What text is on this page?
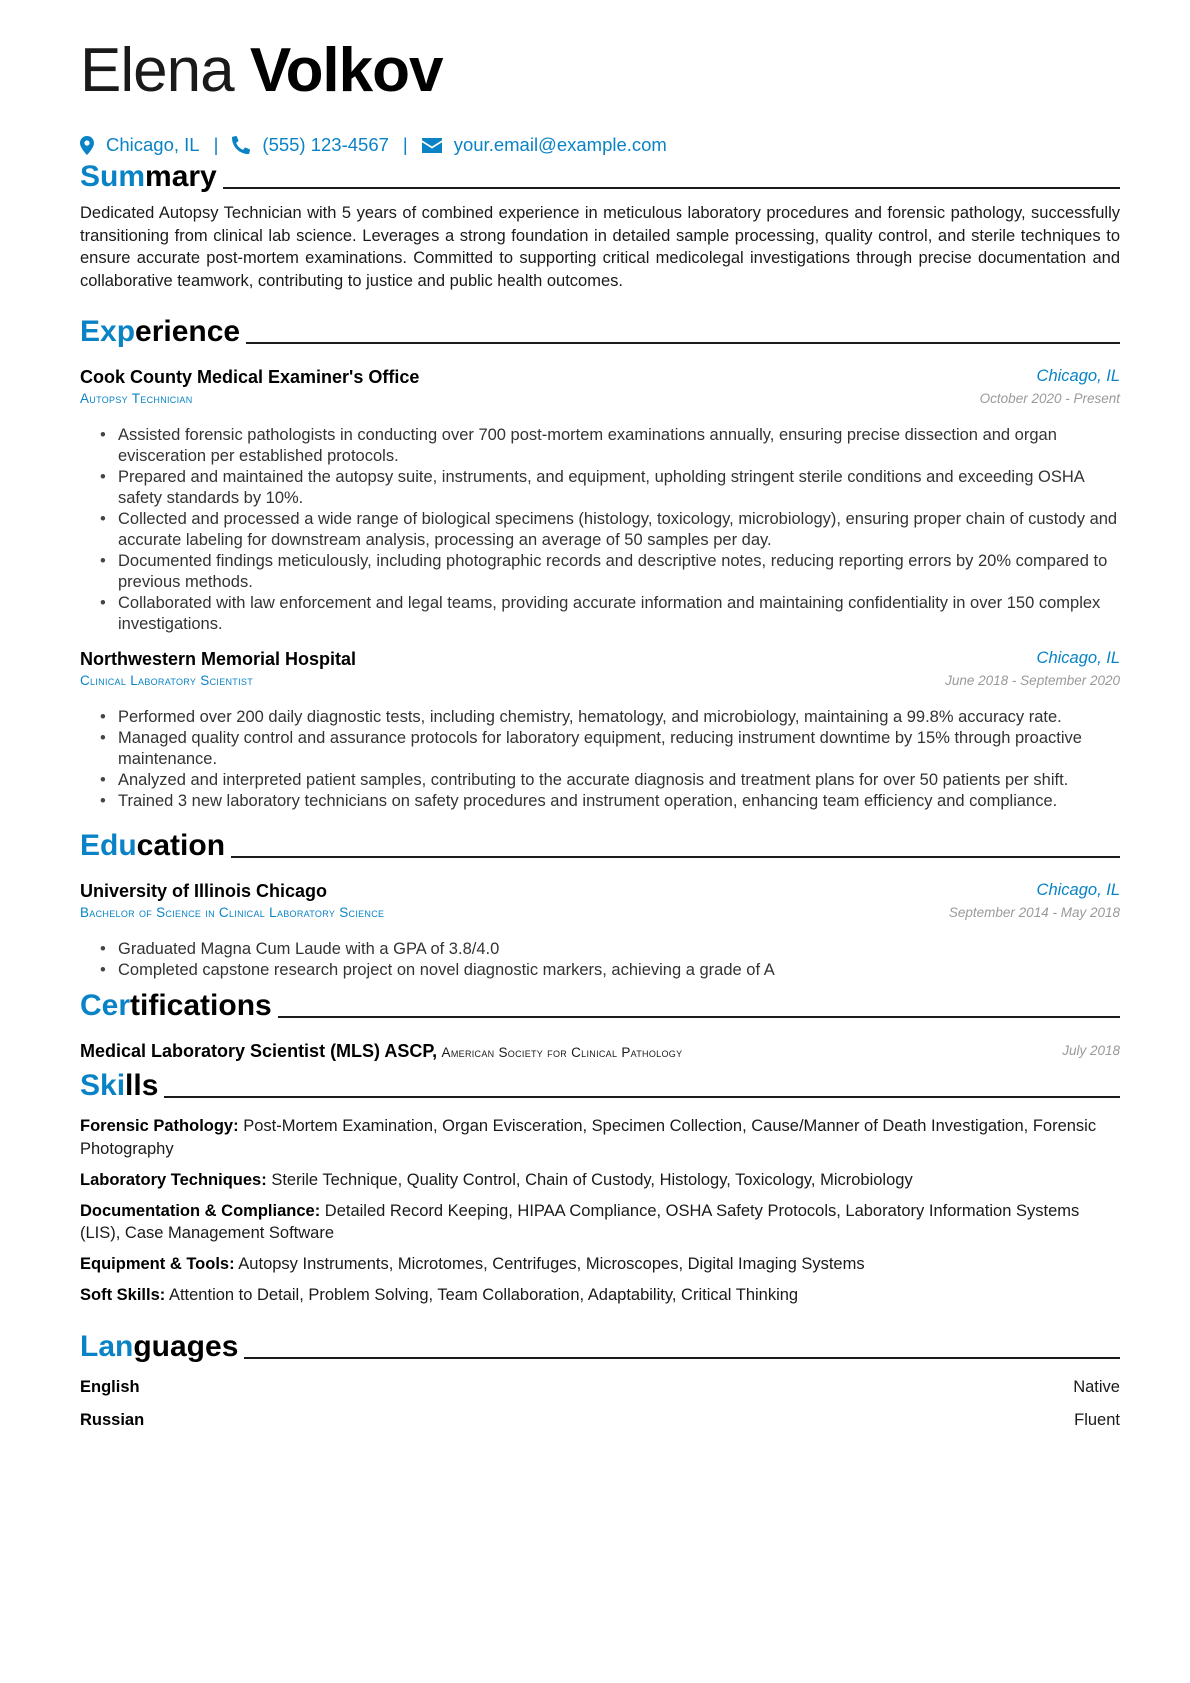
Elena Volkov
Chicago, IL | (555) 123-4567 | your.email@example.com
Summary
Dedicated Autopsy Technician with 5 years of combined experience in meticulous laboratory procedures and forensic pathology, successfully transitioning from clinical lab science. Leverages a strong foundation in detailed sample processing, quality control, and sterile techniques to ensure accurate post-mortem examinations. Committed to supporting critical medicolegal investigations through precise documentation and collaborative teamwork, contributing to justice and public health outcomes.
Experience
Cook County Medical Examiner's Office	Chicago, IL
Autopsy Technician	October 2020 - Present
• Assisted forensic pathologists in conducting over 700 post-mortem examinations annually, ensuring precise dissection and organ evisceration per established protocols.
• Prepared and maintained the autopsy suite, instruments, and equipment, upholding stringent sterile conditions and exceeding OSHA safety standards by 10%.
• Collected and processed a wide range of biological specimens (histology, toxicology, microbiology), ensuring proper chain of custody and accurate labeling for downstream analysis, processing an average of 50 samples per day.
• Documented findings meticulously, including photographic records and descriptive notes, reducing reporting errors by 20% compared to previous methods.
• Collaborated with law enforcement and legal teams, providing accurate information and maintaining confidentiality in over 150 complex investigations.
Northwestern Memorial Hospital	Chicago, IL
Clinical Laboratory Scientist	June 2018 - September 2020
• Performed over 200 daily diagnostic tests, including chemistry, hematology, and microbiology, maintaining a 99.8% accuracy rate.
• Managed quality control and assurance protocols for laboratory equipment, reducing instrument downtime by 15% through proactive maintenance.
• Analyzed and interpreted patient samples, contributing to the accurate diagnosis and treatment plans for over 50 patients per shift.
• Trained 3 new laboratory technicians on safety procedures and instrument operation, enhancing team efficiency and compliance.
Education
University of Illinois Chicago	Chicago, IL
Bachelor of Science in Clinical Laboratory Science	September 2014 - May 2018
• Graduated Magna Cum Laude with a GPA of 3.8/4.0
• Completed capstone research project on novel diagnostic markers, achieving a grade of A
Certifications
Medical Laboratory Scientist (MLS) ASCP, American Society for Clinical Pathology	July 2018
Skills
Forensic Pathology: Post-Mortem Examination, Organ Evisceration, Specimen Collection, Cause/Manner of Death Investigation, Forensic Photography
Laboratory Techniques: Sterile Technique, Quality Control, Chain of Custody, Histology, Toxicology, Microbiology
Documentation & Compliance: Detailed Record Keeping, HIPAA Compliance, OSHA Safety Protocols, Laboratory Information Systems (LIS), Case Management Software
Equipment & Tools: Autopsy Instruments, Microtomes, Centrifuges, Microscopes, Digital Imaging Systems
Soft Skills: Attention to Detail, Problem Solving, Team Collaboration, Adaptability, Critical Thinking
Languages
English	Native
Russian	Fluent
